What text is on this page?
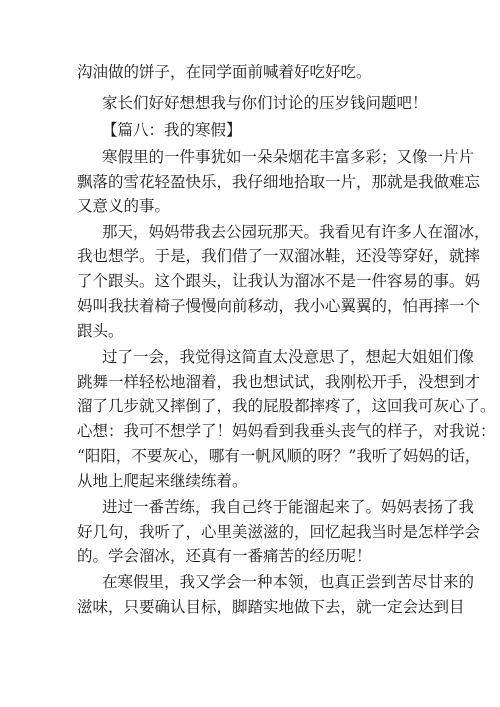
沟油做的饼子，在同学面前喊着好吃好吃。
家长们好好想想我与你们讨论的压岁钱问题吧！
【篇八：我的寒假】
寒假里的一件事犹如一朵朵烟花丰富多彩；又像一片片
飘落的雪花轻盈快乐，我仔细地拾取一片，那就是我做难忘
又意义的事。
那天，妈妈带我去公园玩那天。我看见有许多人在溜冰，
我也想学。于是，我们借了一双溜冰鞋，还没等穿好，就摔
了个跟头。这个跟头，让我认为溜冰不是一件容易的事。妈
妈叫我扶着椅子慢慢向前移动，我小心翼翼的，怕再摔一个
跟头。
过了一会，我觉得这简直太没意思了，想起大姐姐们像
跳舞一样轻松地溜着，我也想试试，我刚松开手，没想到才
溜了几步就又摔倒了，我的屁股都摔疼了，这回我可灰心了。
心想：我可不想学了！妈妈看到我垂头丧气的样子，对我说：
“阳阳，不要灰心，哪有一帆风顺的呀？”我听了妈妈的话，
从地上爬起来继续练着。
进过一番苦练，我自己终于能溜起来了。妈妈表扬了我
好几句，我听了，心里美滋滋的，回忆起我当时是怎样学会
的。学会溜冰，还真有一番痛苦的经历呢！
在寒假里，我又学会一种本领，也真正尝到苦尽甘来的
滋味，只要确认目标，脚踏实地做下去，就一定会达到目
